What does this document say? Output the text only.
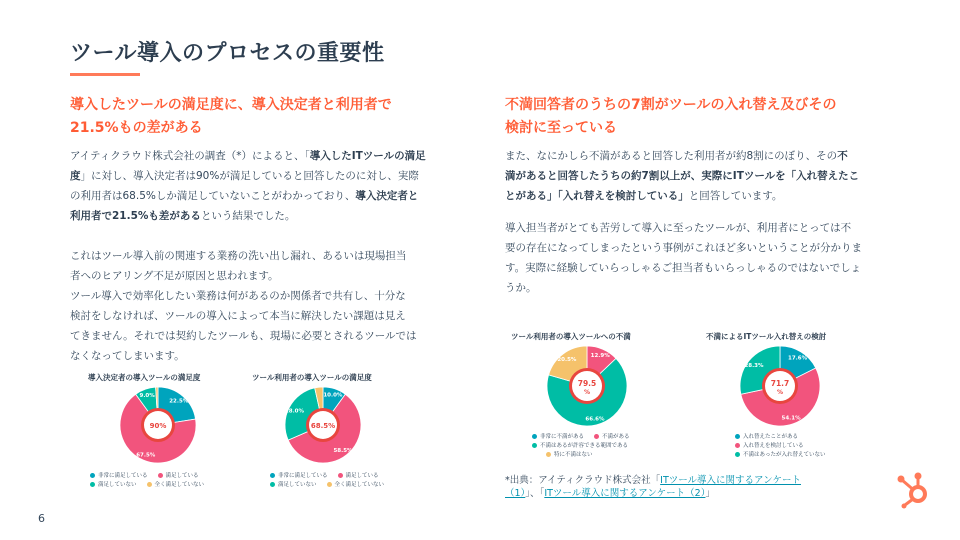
ツール導入のプロセスの重要性
導入したツールの満足度に、導入決定者と利用者で
21.5%もの差がある
アイティクラウド株式会社の調査（*）によると、「導入したITツールの満足
度」に対し、導入決定者は90%が満足していると回答したのに対し、実際
の利用者は68.5%しか満足していないことがわかっており、導入決定者と
利用者で21.5%も差があるという結果でした。
これはツール導入前の関連する業務の洗い出し漏れ、あるいは現場担当
者へのヒアリング不足が原因と思われます。
ツール導入で効率化したい業務は何があるのか関係者で共有し、十分な
検討をしなければ、ツールの導入によって本当に解決したい課題は見え
てきません。それでは契約したツールも、現場に必要とされるツールでは
なくなってしまいます。
不満回答者のうちの7割がツールの入れ替え及びその
検討に至っている
また、なにかしら不満があると回答した利用者が約8割にのぼり、その不
満があると回答したうちの約7割以上が、実際にITツールを「入れ替えたこ
とがある」「入れ替えを検討している」と回答しています。
導入担当者がとても苦労して導入に至ったツールが、利用者にとっては不
要の存在になってしまったという事例がこれほど多いということが分かりま
す。実際に経験していらっしゃるご担当者もいらっしゃるのではないでしょ
うか。
導入決定者の導入ツールの満足度
22.5%
67.5%
9.0%
90%
非常に満足している	満足している
満足していない	全く満足していない
ツール利用者の導入ツールの満足度
10.0%
58.5%
28.0%
68.5%
非常に満足している	満足している
満足していない	全く満足していない
ツール利用者の導入ツールへの不満
12.9%
66.6%
20.5%
79.5
%
非常に不満がある	不満がある
不満はあるが許容できる範囲である
特に不満はない
不満によるITツール入れ替えの検討
17.6%
54.1%
28.3%
71.7
%
入れ替えたことがある
入れ替えを検討している
不満はあったが入れ替えていない
*出典：アイティクラウド株式会社「ITツール導入に関するアンケート
（1）」、「ITツール導入に関するアンケート（2）」
6
